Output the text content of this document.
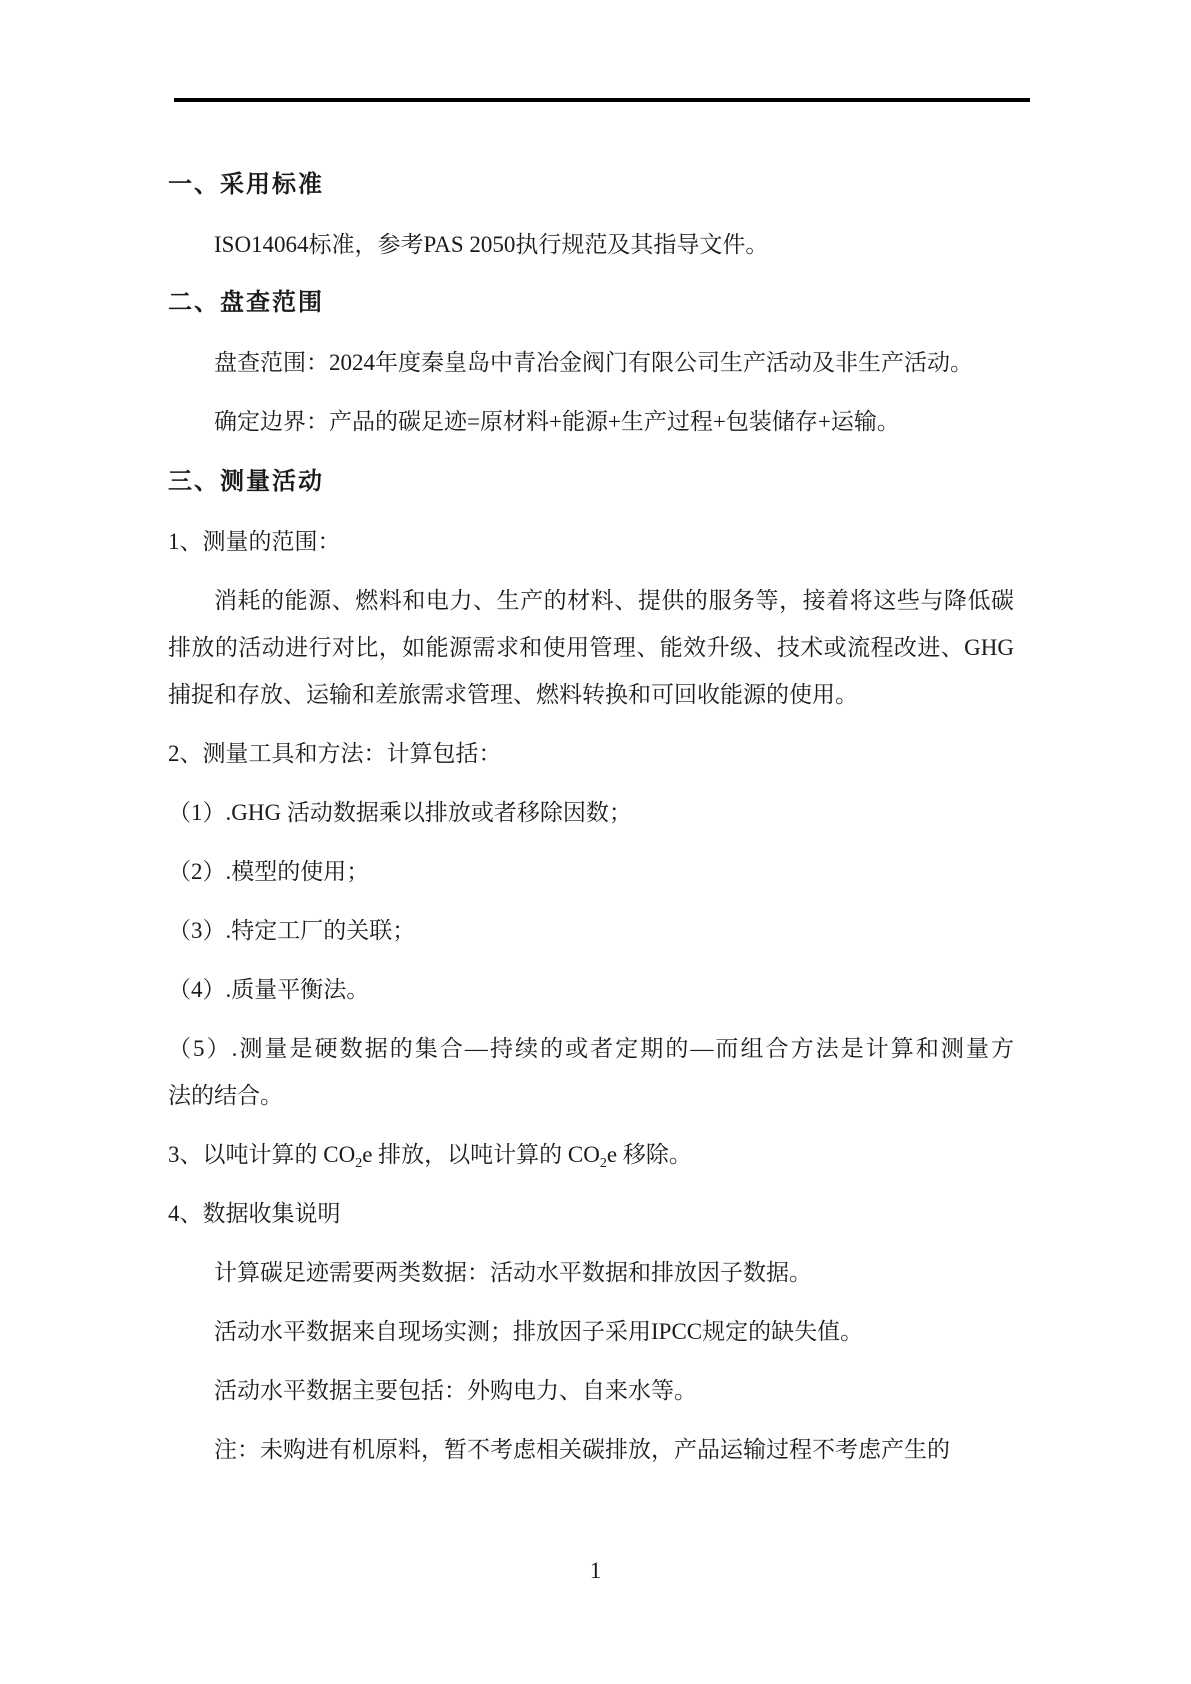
一、采用标准
ISO14064标准，参考PAS 2050执行规范及其指导文件。
二、盘查范围
盘查范围：2024年度秦皇岛中青冶金阀门有限公司生产活动及非生产活动。
确定边界：产品的碳足迹=原材料+能源+生产过程+包装储存+运输。
三、测量活动
1、测量的范围：
消耗的能源、燃料和电力、生产的材料、提供的服务等，接着将这些与降低碳
排放的活动进行对比，如能源需求和使用管理、能效升级、技术或流程改进、GHG
捕捉和存放、运输和差旅需求管理、燃料转换和可回收能源的使用。
2、测量工具和方法：计算包括：
（1）.GHG 活动数据乘以排放或者移除因数；
（2）.模型的使用；
（3）.特定工厂的关联；
（4）.质量平衡法。
（5）.测量是硬数据的集合—持续的或者定期的—而组合方法是计算和测量方
法的结合。
3、以吨计算的 $CO_2e$ 排放，以吨计算的 $CO_2e$ 移除。
4、数据收集说明
计算碳足迹需要两类数据：活动水平数据和排放因子数据。
活动水平数据来自现场实测；排放因子采用IPCC规定的缺失值。
活动水平数据主要包括：外购电力、自来水等。
注：未购进有机原料，暂不考虑相关碳排放，产品运输过程不考虑产生的
1
